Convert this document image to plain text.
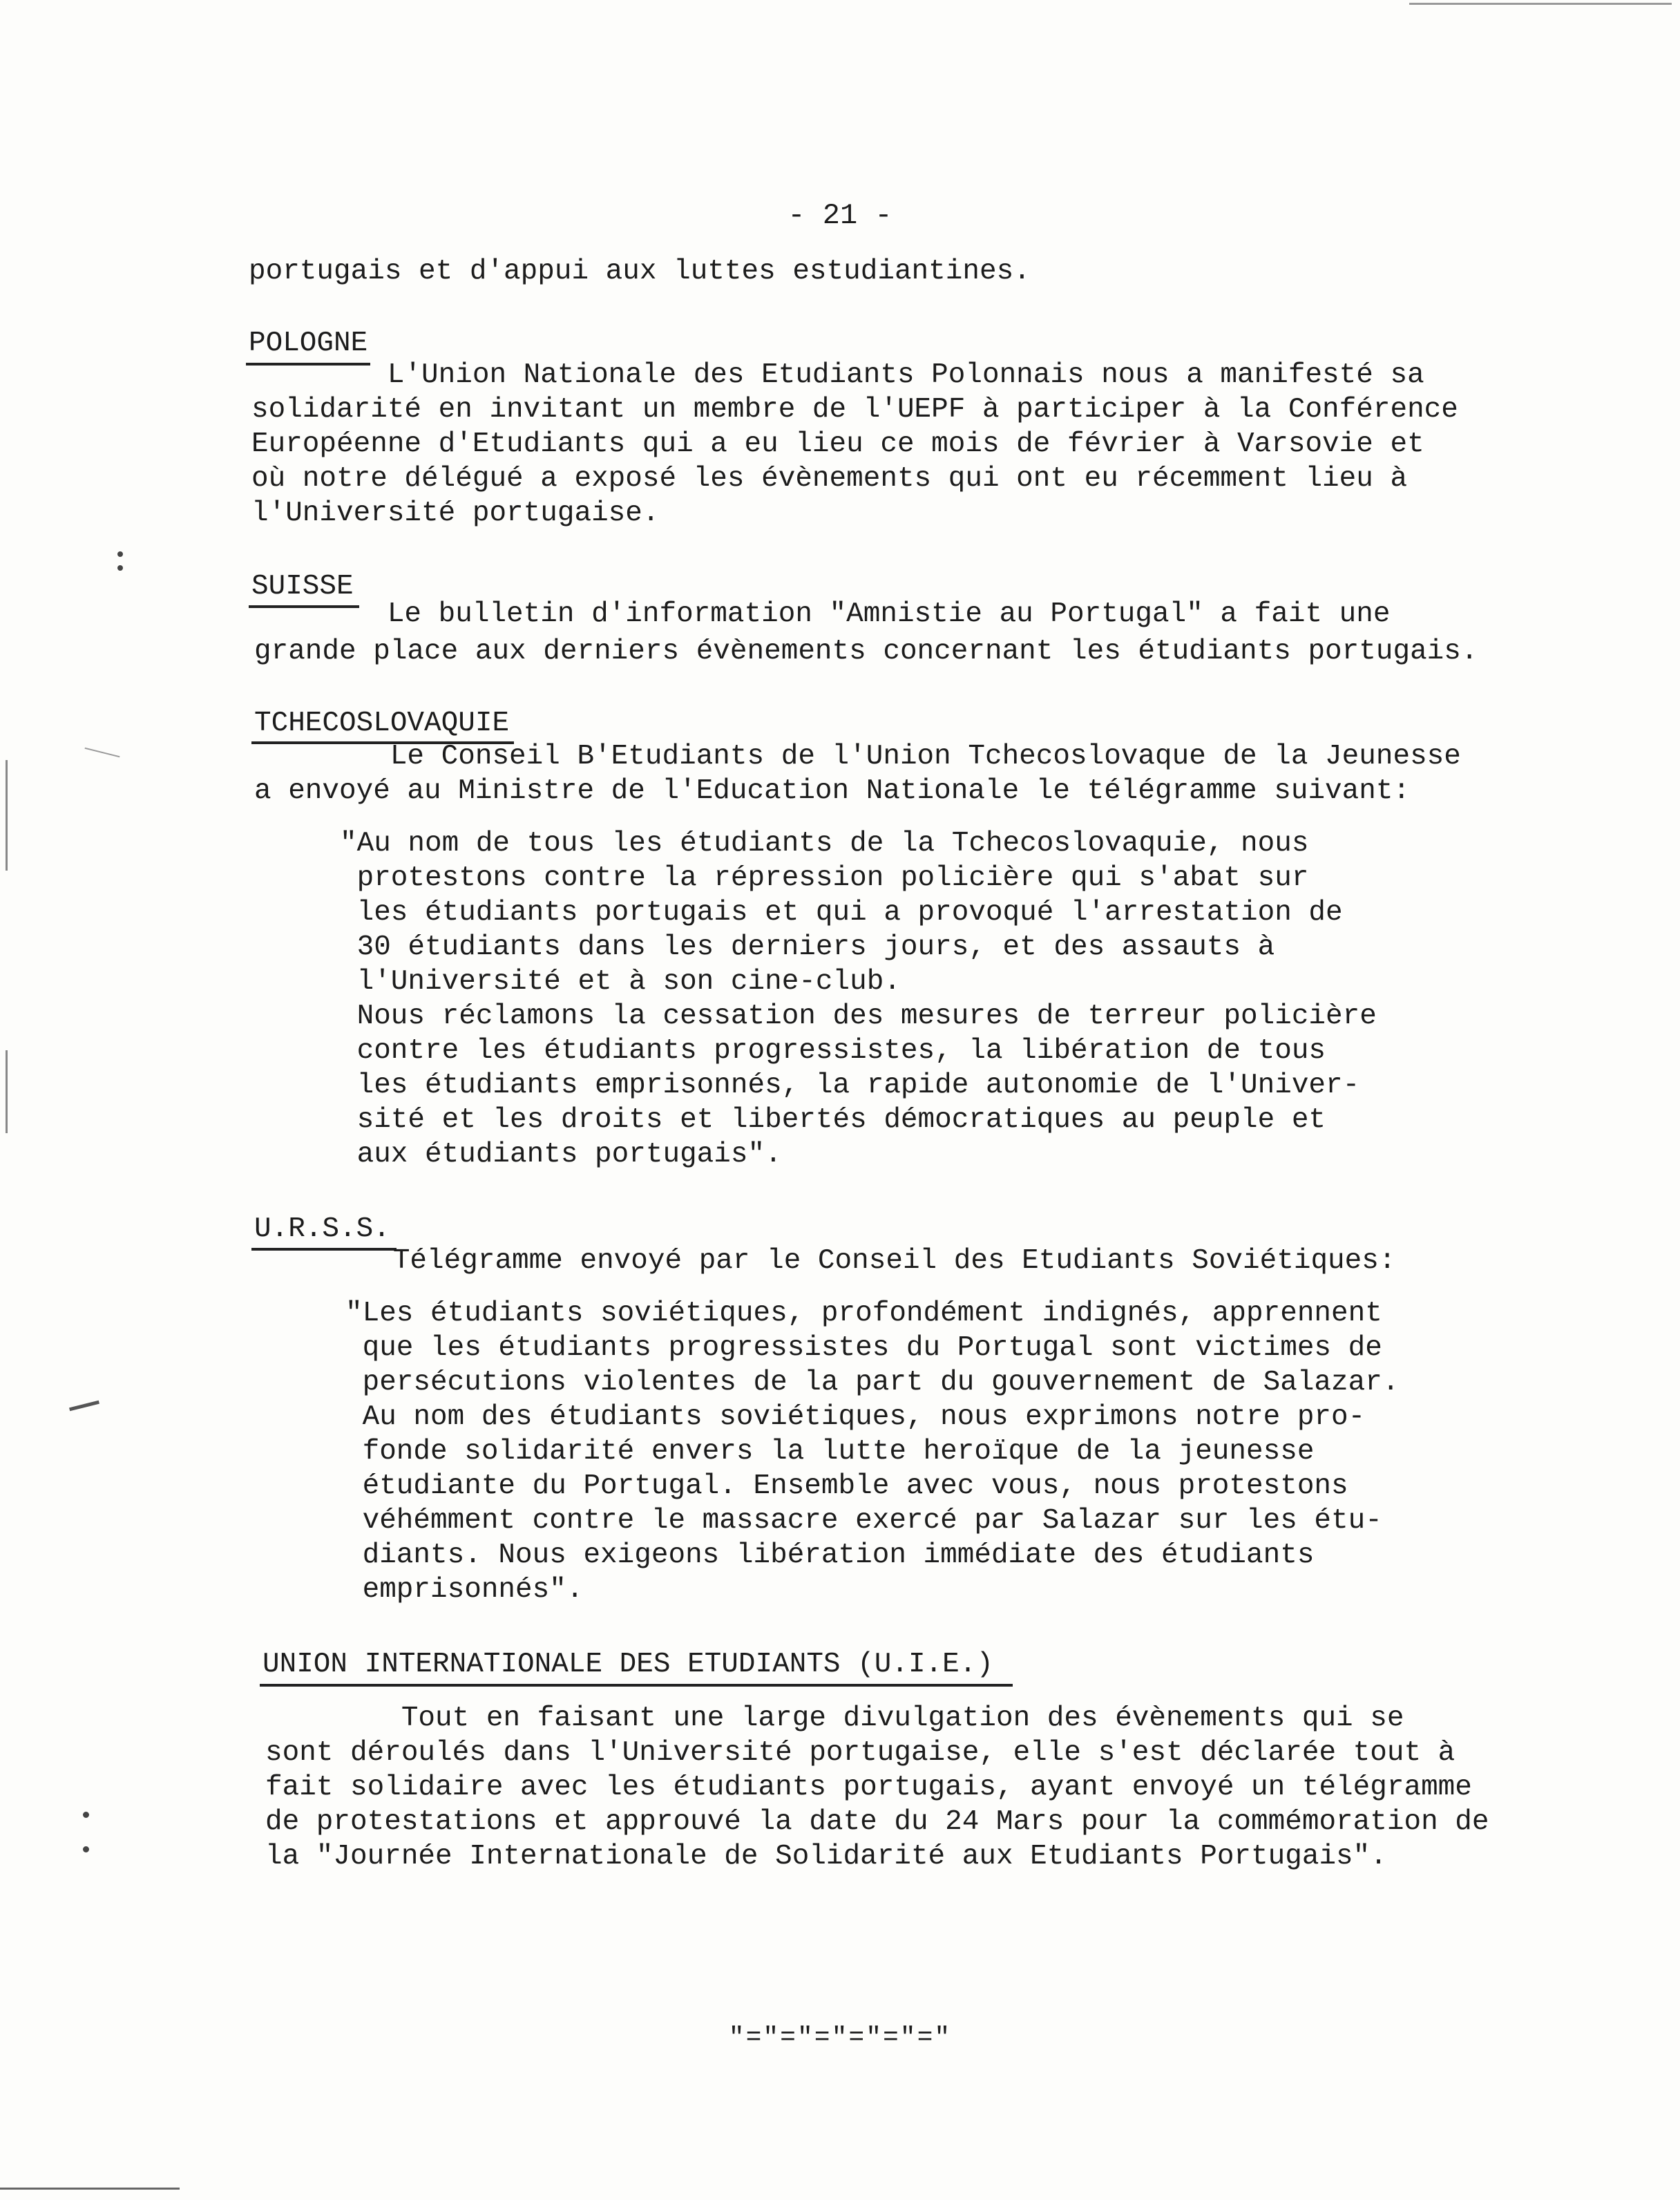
- 21 -
portugais et d'appui aux luttes estudiantines.
POLOGNE
L'Union Nationale des Etudiants Polonnais nous a manifesté sa
solidarité en invitant un membre de l'UEPF à participer à la Conférence
Européenne d'Etudiants qui a eu lieu ce mois de février à Varsovie et
où notre délégué a exposé les évènements qui ont eu récemment lieu à
l'Université portugaise.
SUISSE
Le bulletin d'information "Amnistie au Portugal" a fait une
grande place aux derniers évènements concernant les étudiants portugais.
TCHECOSLOVAQUIE
Le Conseil B'Etudiants de l'Union Tchecoslovaque de la Jeunesse
a envoyé au Ministre de l'Education Nationale le télégramme suivant:
"Au nom de tous les étudiants de la Tchecoslovaquie, nous
protestons contre la répression policière qui s'abat sur
les étudiants portugais et qui a provoqué l'arrestation de
30 étudiants dans les derniers jours, et des assauts à
l'Université et à son cine-club.
Nous réclamons la cessation des mesures de terreur policière
contre les étudiants progressistes, la libération de tous
les étudiants emprisonnés, la rapide autonomie de l'Univer-
sité et les droits et libertés démocratiques au peuple et
aux étudiants portugais".
U.R.S.S.
Télégramme envoyé par le Conseil des Etudiants Soviétiques:
"Les étudiants soviétiques, profondément indignés, apprennent
que les étudiants progressistes du Portugal sont victimes de
persécutions violentes de la part du gouvernement de Salazar.
Au nom des étudiants soviétiques, nous exprimons notre pro-
fonde solidarité envers la lutte heroïque de la jeunesse
étudiante du Portugal. Ensemble avec vous, nous protestons
véhémment contre le massacre exercé par Salazar sur les étu-
diants. Nous exigeons libération immédiate des étudiants
emprisonnés".
UNION INTERNATIONALE DES ETUDIANTS (U.I.E.)
Tout en faisant une large divulgation des évènements qui se
sont déroulés dans l'Université portugaise, elle s'est déclarée tout à
fait solidaire avec les étudiants portugais, ayant envoyé un télégramme
de protestations et approuvé la date du 24 Mars pour la commémoration de
la "Journée Internationale de Solidarité aux Etudiants Portugais".
"="="="="="="
